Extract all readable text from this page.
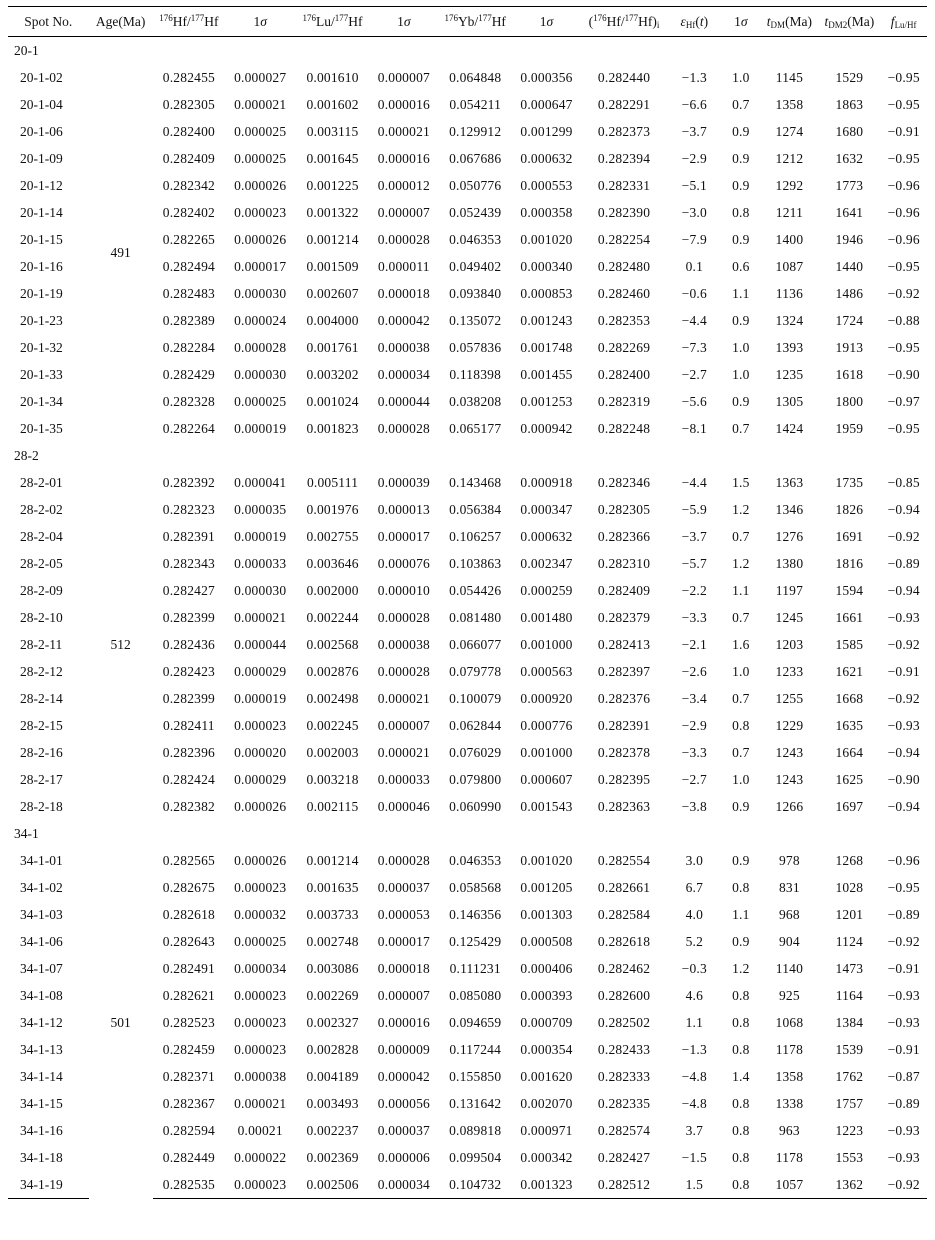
Spot No.	Age(Ma)	$^{176}$Hf/$^{177}$Hf	1σ	$^{176}$Lu/$^{177}$Hf	1σ	$^{176}$Yb/$^{177}$Hf	1σ	$(^{176}Hf/^{177}Hf)_i$	$\varepsilon_{Hf}(t)$	1σ	$t_{DM}(Ma)$	$t_{DM2}(Ma)$	$f_{Lu/Hf}$
20-1													
20-1-02	491	0.282455	0.000027	0.001610	0.000007	0.064848	0.000356	0.282440	−1.3	1.0	1145	1529	−0.95
20-1-04		0.282305	0.000021	0.001602	0.000016	0.054211	0.000647	0.282291	−6.6	0.7	1358	1863	−0.95
20-1-06		0.282400	0.000025	0.003115	0.000021	0.129912	0.001299	0.282373	−3.7	0.9	1274	1680	−0.91
20-1-09		0.282409	0.000025	0.001645	0.000016	0.067686	0.000632	0.282394	−2.9	0.9	1212	1632	−0.95
20-1-12		0.282342	0.000026	0.001225	0.000012	0.050776	0.000553	0.282331	−5.1	0.9	1292	1773	−0.96
20-1-14		0.282402	0.000023	0.001322	0.000007	0.052439	0.000358	0.282390	−3.0	0.8	1211	1641	−0.96
20-1-15		0.282265	0.000026	0.001214	0.000028	0.046353	0.001020	0.282254	−7.9	0.9	1400	1946	−0.96
20-1-16		0.282494	0.000017	0.001509	0.000011	0.049402	0.000340	0.282480	0.1	0.6	1087	1440	−0.95
20-1-19		0.282483	0.000030	0.002607	0.000018	0.093840	0.000853	0.282460	−0.6	1.1	1136	1486	−0.92
20-1-23		0.282389	0.000024	0.004000	0.000042	0.135072	0.001243	0.282353	−4.4	0.9	1324	1724	−0.88
20-1-32		0.282284	0.000028	0.001761	0.000038	0.057836	0.001748	0.282269	−7.3	1.0	1393	1913	−0.95
20-1-33		0.282429	0.000030	0.003202	0.000034	0.118398	0.001455	0.282400	−2.7	1.0	1235	1618	−0.90
20-1-34		0.282328	0.000025	0.001024	0.000044	0.038208	0.001253	0.282319	−5.6	0.9	1305	1800	−0.97
20-1-35		0.282264	0.000019	0.001823	0.000028	0.065177	0.000942	0.282248	−8.1	0.7	1424	1959	−0.95
28-2													
28-2-01	512	0.282392	0.000041	0.005111	0.000039	0.143468	0.000918	0.282346	−4.4	1.5	1363	1735	−0.85
28-2-02		0.282323	0.000035	0.001976	0.000013	0.056384	0.000347	0.282305	−5.9	1.2	1346	1826	−0.94
28-2-04		0.282391	0.000019	0.002755	0.000017	0.106257	0.000632	0.282366	−3.7	0.7	1276	1691	−0.92
28-2-05		0.282343	0.000033	0.003646	0.000076	0.103863	0.002347	0.282310	−5.7	1.2	1380	1816	−0.89
28-2-09		0.282427	0.000030	0.002000	0.000010	0.054426	0.000259	0.282409	−2.2	1.1	1197	1594	−0.94
28-2-10		0.282399	0.000021	0.002244	0.000028	0.081480	0.001480	0.282379	−3.3	0.7	1245	1661	−0.93
28-2-11		0.282436	0.000044	0.002568	0.000038	0.066077	0.001000	0.282413	−2.1	1.6	1203	1585	−0.92
28-2-12		0.282423	0.000029	0.002876	0.000028	0.079778	0.000563	0.282397	−2.6	1.0	1233	1621	−0.91
28-2-14		0.282399	0.000019	0.002498	0.000021	0.100079	0.000920	0.282376	−3.4	0.7	1255	1668	−0.92
28-2-15		0.282411	0.000023	0.002245	0.000007	0.062844	0.000776	0.282391	−2.9	0.8	1229	1635	−0.93
28-2-16		0.282396	0.000020	0.002003	0.000021	0.076029	0.001000	0.282378	−3.3	0.7	1243	1664	−0.94
28-2-17		0.282424	0.000029	0.003218	0.000033	0.079800	0.000607	0.282395	−2.7	1.0	1243	1625	−0.90
28-2-18		0.282382	0.000026	0.002115	0.000046	0.060990	0.001543	0.282363	−3.8	0.9	1266	1697	−0.94
34-1													
34-1-01	501	0.282565	0.000026	0.001214	0.000028	0.046353	0.001020	0.282554	3.0	0.9	978	1268	−0.96
34-1-02		0.282675	0.000023	0.001635	0.000037	0.058568	0.001205	0.282661	6.7	0.8	831	1028	−0.95
34-1-03		0.282618	0.000032	0.003733	0.000053	0.146356	0.001303	0.282584	4.0	1.1	968	1201	−0.89
34-1-06		0.282643	0.000025	0.002748	0.000017	0.125429	0.000508	0.282618	5.2	0.9	904	1124	−0.92
34-1-07		0.282491	0.000034	0.003086	0.000018	0.111231	0.000406	0.282462	−0.3	1.2	1140	1473	−0.91
34-1-08		0.282621	0.000023	0.002269	0.000007	0.085080	0.000393	0.282600	4.6	0.8	925	1164	−0.93
34-1-12		0.282523	0.000023	0.002327	0.000016	0.094659	0.000709	0.282502	1.1	0.8	1068	1384	−0.93
34-1-13		0.282459	0.000023	0.002828	0.000009	0.117244	0.000354	0.282433	−1.3	0.8	1178	1539	−0.91
34-1-14		0.282371	0.000038	0.004189	0.000042	0.155850	0.001620	0.282333	−4.8	1.4	1358	1762	−0.87
34-1-15		0.282367	0.000021	0.003493	0.000056	0.131642	0.002070	0.282335	−4.8	0.8	1338	1757	−0.89
34-1-16		0.282594	0.00021	0.002237	0.000037	0.089818	0.000971	0.282574	3.7	0.8	963	1223	−0.93
34-1-18		0.282449	0.000022	0.002369	0.000006	0.099504	0.000342	0.282427	−1.5	0.8	1178	1553	−0.93
34-1-19		0.282535	0.000023	0.002506	0.000034	0.104732	0.001323	0.282512	1.5	0.8	1057	1362	−0.92
